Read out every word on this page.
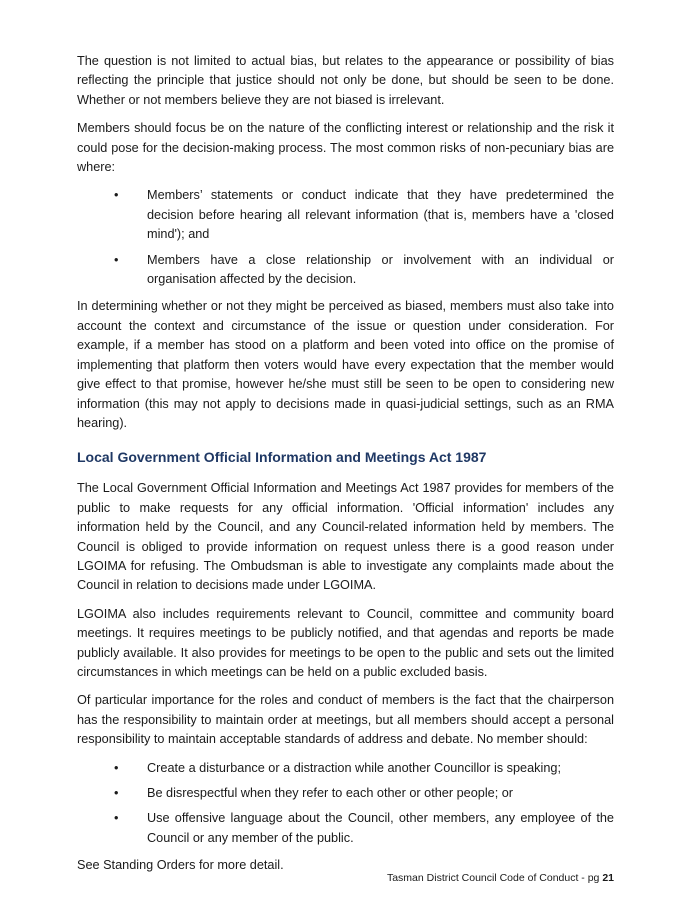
The question is not limited to actual bias, but relates to the appearance or possibility of bias reflecting the principle that justice should not only be done, but should be seen to be done. Whether or not members believe they are not biased is irrelevant.

Members should focus be on the nature of the conflicting interest or relationship and the risk it could pose for the decision-making process. The most common risks of non-pecuniary bias are where:

• Members’ statements or conduct indicate that they have predetermined the decision before hearing all relevant information (that is, members have a 'closed mind'); and
• Members have a close relationship or involvement with an individual or organisation affected by the decision.

In determining whether or not they might be perceived as biased, members must also take into account the context and circumstance of the issue or question under consideration. For example, if a member has stood on a platform and been voted into office on the promise of implementing that platform then voters would have every expectation that the member would give effect to that promise, however he/she must still be seen to be open to considering new information (this may not apply to decisions made in quasi-judicial settings, such as an RMA hearing).

Local Government Official Information and Meetings Act 1987

The Local Government Official Information and Meetings Act 1987 provides for members of the public to make requests for any official information. 'Official information' includes any information held by the Council, and any Council-related information held by members. The Council is obliged to provide information on request unless there is a good reason under LGOIMA for refusing. The Ombudsman is able to investigate any complaints made about the Council in relation to decisions made under LGOIMA.

LGOIMA also includes requirements relevant to Council, committee and community board meetings. It requires meetings to be publicly notified, and that agendas and reports be made publicly available. It also provides for meetings to be open to the public and sets out the limited circumstances in which meetings can be held on a public excluded basis.

Of particular importance for the roles and conduct of members is the fact that the chairperson has the responsibility to maintain order at meetings, but all members should accept a personal responsibility to maintain acceptable standards of address and debate. No member should:

• Create a disturbance or a distraction while another Councillor is speaking;
• Be disrespectful when they refer to each other or other people; or
• Use offensive language about the Council, other members, any employee of the Council or any member of the public.

See Standing Orders for more detail.

Tasman District Council Code of Conduct - pg 21
